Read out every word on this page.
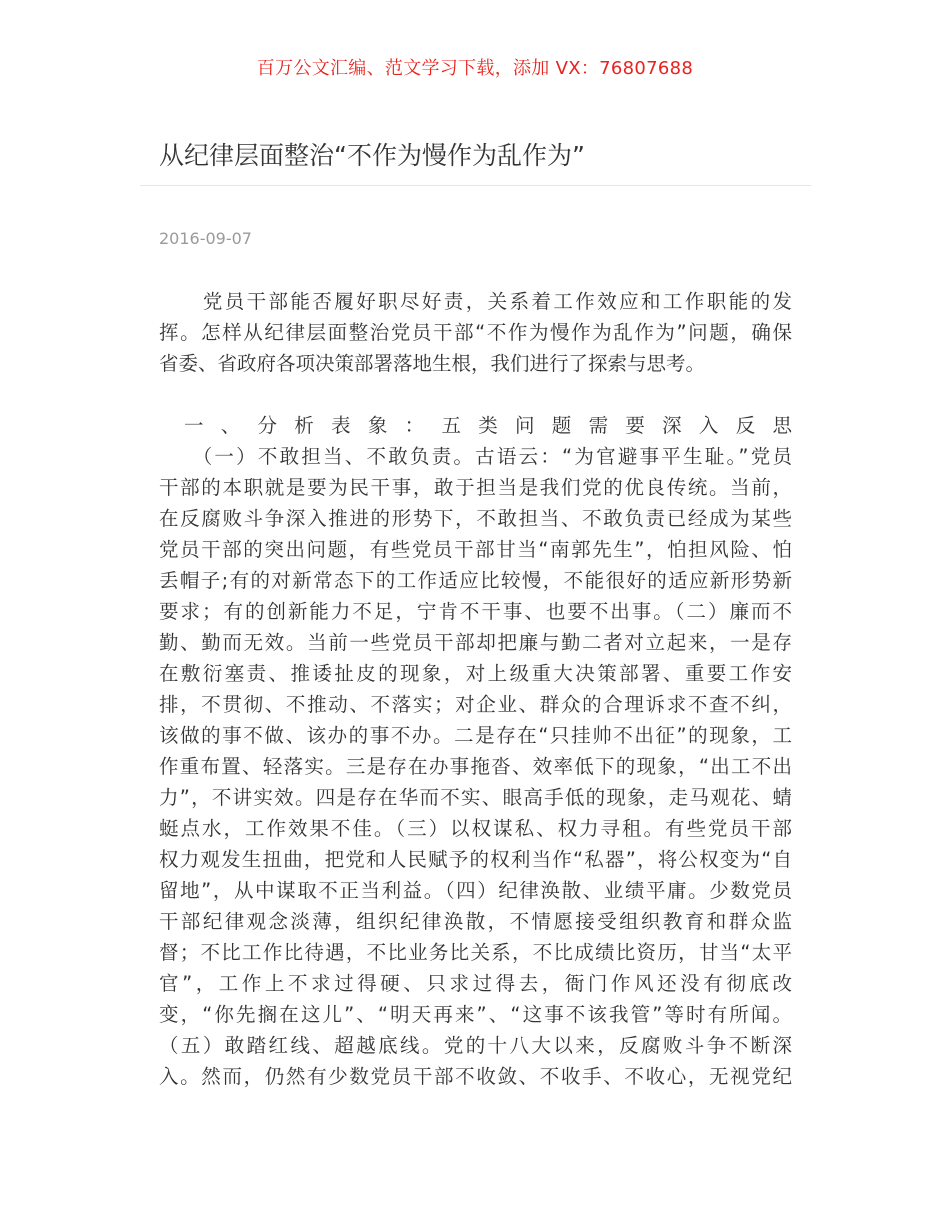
百万公文汇编、范文学习下载，添加 VX：76807688
从纪律层面整治“不作为慢作为乱作为”
2016-09-07
　　党员干部能否履好职尽好责，关系着工作效应和工作职能的发
挥。怎样从纪律层面整治党员干部“不作为慢作为乱作为”问题，确保
省委、省政府各项决策部署落地生根，我们进行了探索与思考。
一、分析表象：五类问题需要深入反思
　　（一）不敢担当、不敢负责。古语云：“为官避事平生耻。”党员
干部的本职就是要为民干事，敢于担当是我们党的优良传统。当前，
在反腐败斗争深入推进的形势下，不敢担当、不敢负责已经成为某些
党员干部的突出问题，有些党员干部甘当“南郭先生”，怕担风险、怕
丢帽子;有的对新常态下的工作适应比较慢，不能很好的适应新形势新
要求；有的创新能力不足，宁肯不干事、也要不出事。（二）廉而不
勤、勤而无效。当前一些党员干部却把廉与勤二者对立起来，一是存
在敷衍塞责、推诿扯皮的现象，对上级重大决策部署、重要工作安
排，不贯彻、不推动、不落实；对企业、群众的合理诉求不查不纠，
该做的事不做、该办的事不办。二是存在“只挂帅不出征”的现象，工
作重布置、轻落实。三是存在办事拖沓、效率低下的现象，“出工不出
力”，不讲实效。四是存在华而不实、眼高手低的现象，走马观花、蜻
蜓点水，工作效果不佳。（三）以权谋私、权力寻租。有些党员干部
权力观发生扭曲，把党和人民赋予的权利当作“私器”，将公权变为“自
留地”，从中谋取不正当利益。（四）纪律涣散、业绩平庸。少数党员
干部纪律观念淡薄，组织纪律涣散，不情愿接受组织教育和群众监
督；不比工作比待遇，不比业务比关系，不比成绩比资历，甘当“太平
官”，工作上不求过得硬、只求过得去，衙门作风还没有彻底改
变，“你先搁在这儿”、“明天再来”、“这事不该我管”等时有所闻。
（五）敢踏红线、超越底线。党的十八大以来，反腐败斗争不断深
入。然而，仍然有少数党员干部不收敛、不收手、不收心，无视党纪
